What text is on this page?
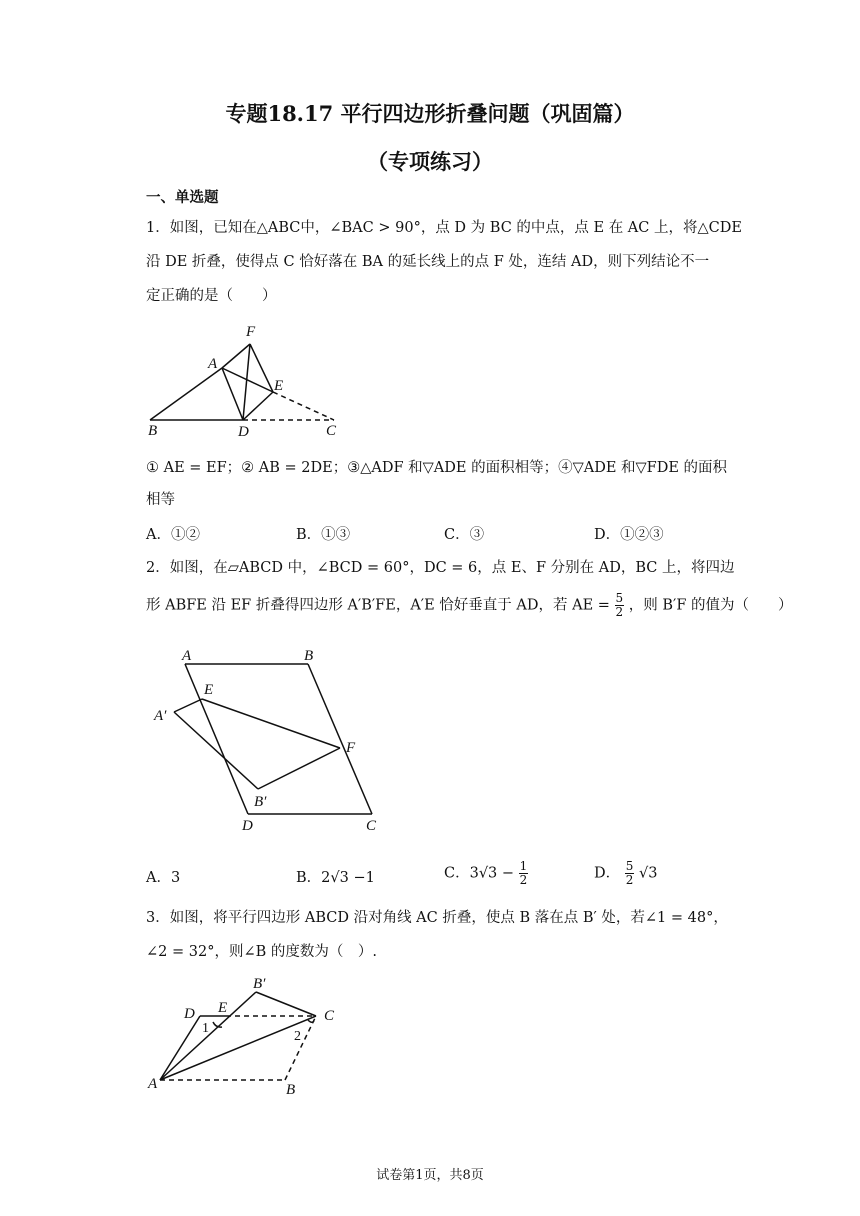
专题18.17 平行四边形折叠问题（巩固篇）
（专项练习）
一、单选题
1．如图，已知在△ABC中，∠BAC > 90°，点 D 为 BC 的中点，点 E 在 AC 上，将△CDE
沿 DE 折叠，使得点 C 恰好落在 BA 的延长线上的点 F 处，连结 AD，则下列结论不一
定正确的是（　　）
F
A
E
B	D	C
① AE = EF；② AB = 2DE；③△ADF 和▽ADE 的面积相等；④▽ADE 和▽FDE 的面积
相等
A．①②	B．①③	C．③	D．①②③
2．如图，在▱ABCD 中，∠BCD = 60°，DC = 6，点 E、F 分别在 AD，BC 上，将四边
形 ABFE 沿 EF 折叠得四边形 A′B′FE，A′E 恰好垂直于 AD，若 AE = $\frac{5}{2}$ ，则 B′F 的值为（　　）
A	B
E
A′
F
B′
D	C
A．3	B．2√3 −1	C．$3√3 - \frac{1}{2}$	D． $\frac{5}{2} √3$
3．如图，将平行四边形 ABCD 沿对角线 AC 折叠，使点 B 落在点 B′ 处，若∠1 = 48°，
∠2 = 32°，则∠B 的度数为（　）.
B′
D E	C
1
2
A	B
试卷第1页，共8页
